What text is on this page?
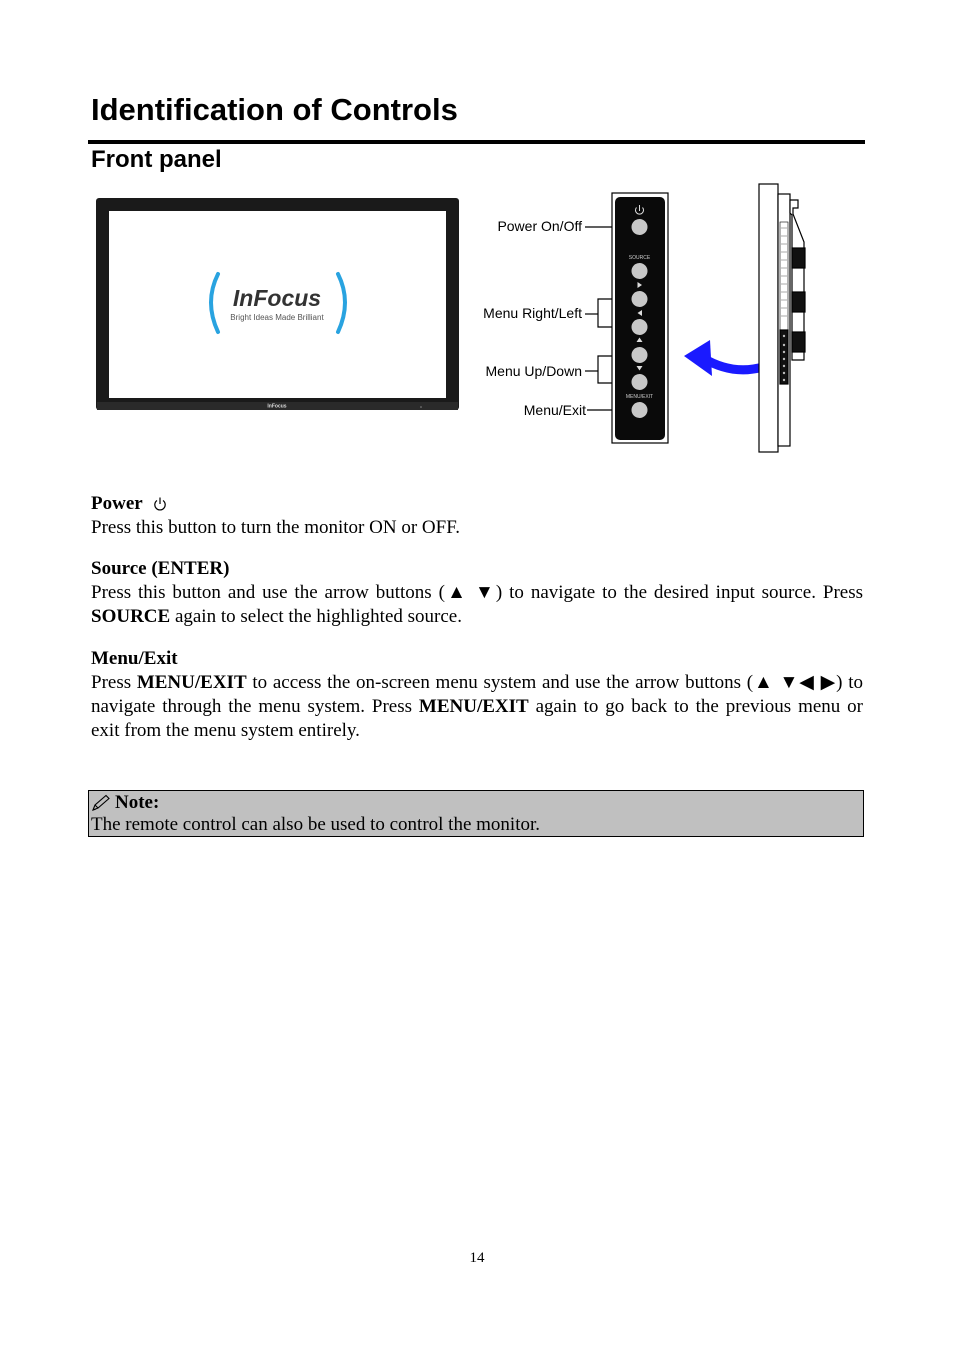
Identification of Controls
Front panel
InFocus
InFocus
Bright Ideas Made Brilliant
Power On/Off
Menu Right/Left
Menu Up/Down
Menu/Exit
SOURCE
MENU/EXIT
Power

Press this button to turn the monitor ON or OFF.

Source (ENTER)

Press this button and use the arrow buttons (▲ ▼) to navigate to the desired input source. Press SOURCE again to select the highlighted source.

Menu/Exit

Press MENU/EXIT to access the on-screen menu system and use the arrow buttons (▲ ▼◀ ▶) to navigate through the menu system. Press MENU/EXIT again to go back to the previous menu or exit from the menu system entirely.

Note:
The remote control can also be used to control the monitor.
14
